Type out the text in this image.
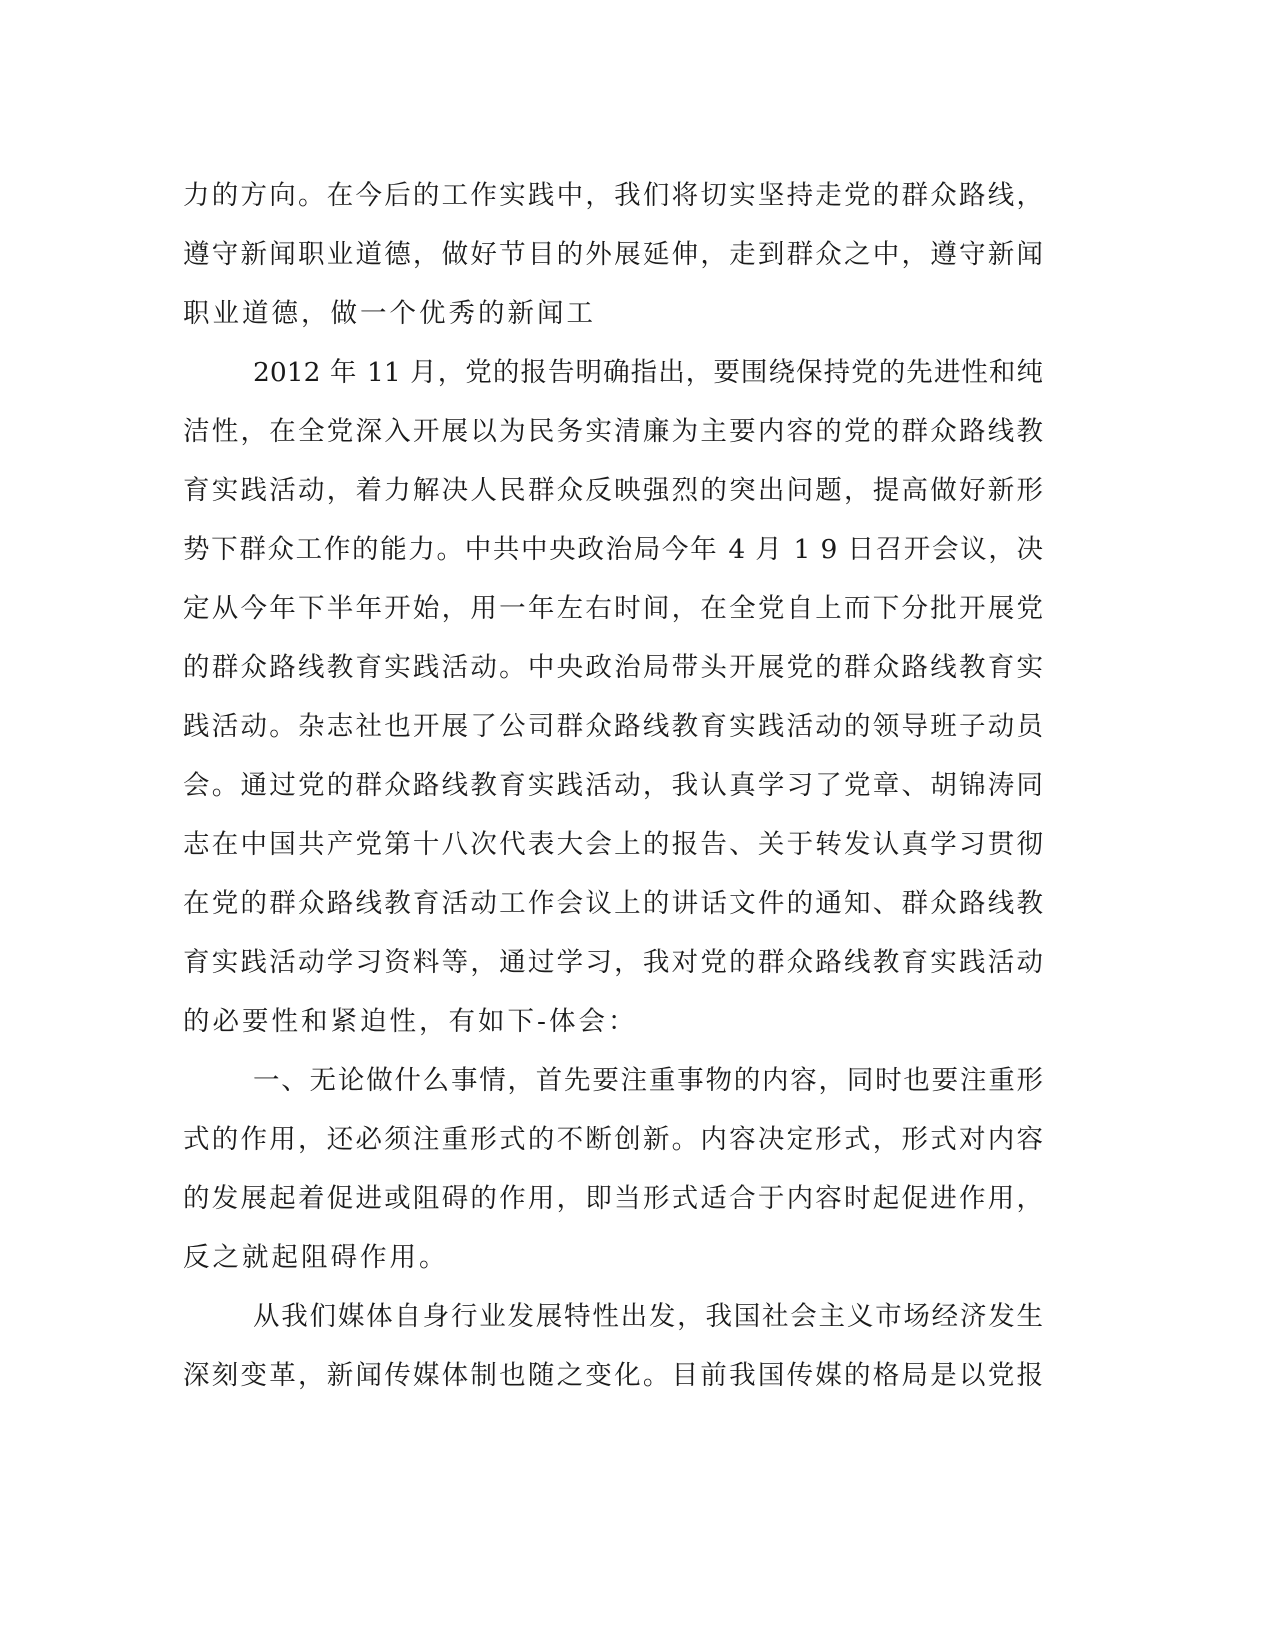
力的方向。在今后的工作实践中，我们将切实坚持走党的群众路线，
遵守新闻职业道德，做好节目的外展延伸，走到群众之中，遵守新闻
职业道德，做一个优秀的新闻工
2012 年 11 月，党的报告明确指出，要围绕保持党的先进性和纯
洁性，在全党深入开展以为民务实清廉为主要内容的党的群众路线教
育实践活动，着力解决人民群众反映强烈的突出问题，提高做好新形
势下群众工作的能力。中共中央政治局今年 4 月 1 9 日召开会议，决
定从今年下半年开始，用一年左右时间，在全党自上而下分批开展党
的群众路线教育实践活动。中央政治局带头开展党的群众路线教育实
践活动。杂志社也开展了公司群众路线教育实践活动的领导班子动员
会。通过党的群众路线教育实践活动，我认真学习了党章、胡锦涛同
志在中国共产党第十八次代表大会上的报告、关于转发认真学习贯彻
在党的群众路线教育活动工作会议上的讲话文件的通知、群众路线教
育实践活动学习资料等，通过学习，我对党的群众路线教育实践活动
的必要性和紧迫性，有如下-体会：
一、无论做什么事情，首先要注重事物的内容，同时也要注重形
式的作用，还必须注重形式的不断创新。内容决定形式，形式对内容
的发展起着促进或阻碍的作用，即当形式适合于内容时起促进作用，
反之就起阻碍作用。
从我们媒体自身行业发展特性出发，我国社会主义市场经济发生
深刻变革，新闻传媒体制也随之变化。目前我国传媒的格局是以党报
